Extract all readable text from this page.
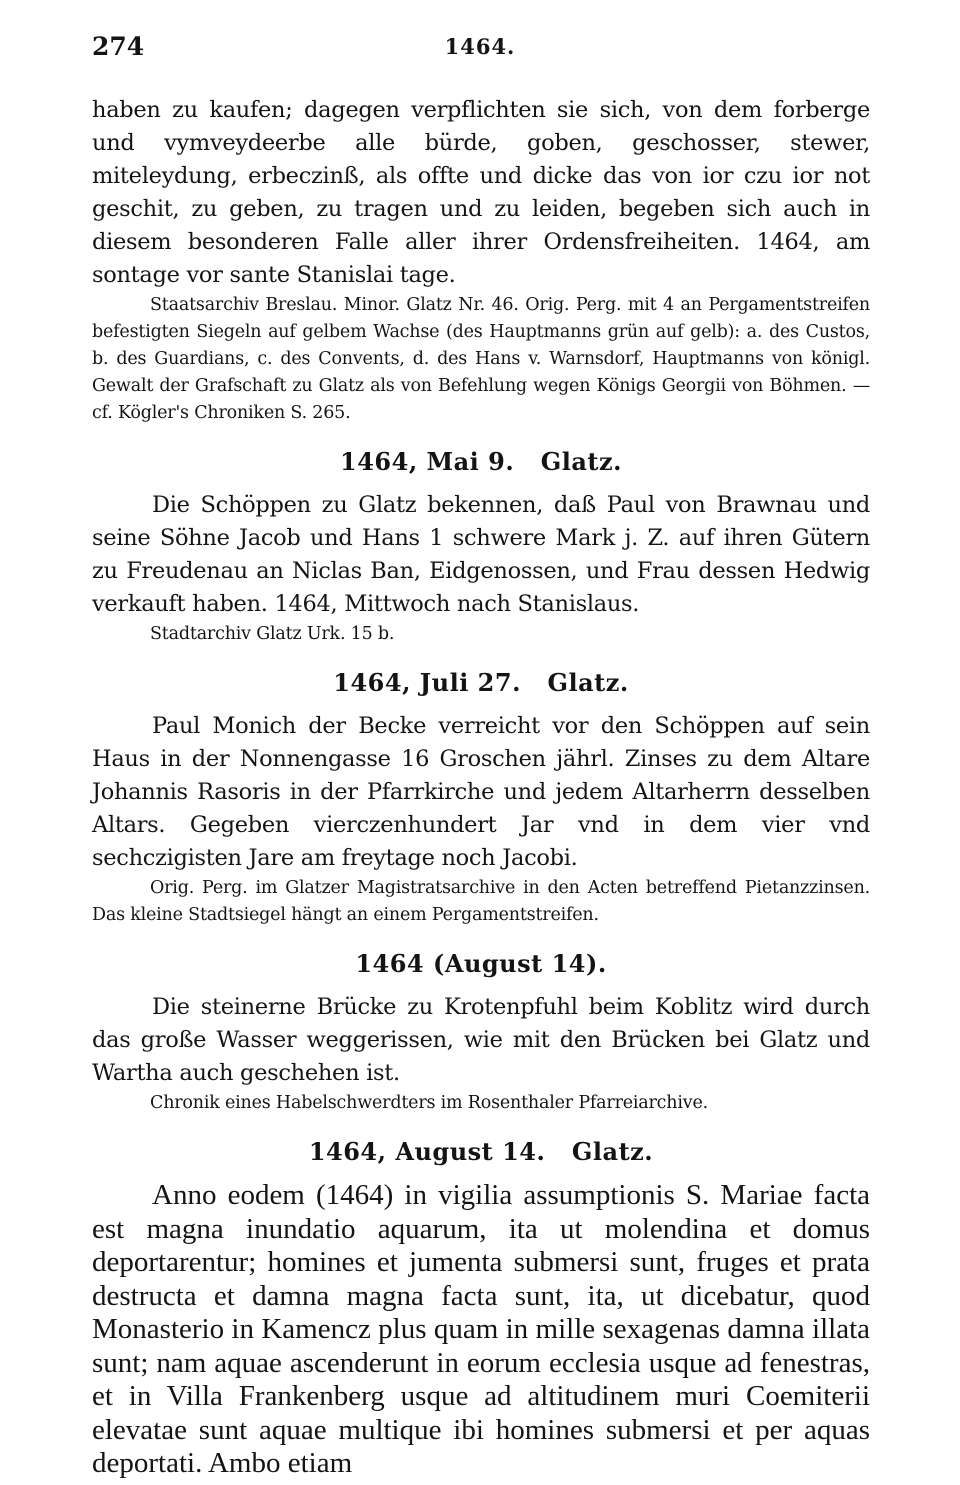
274	1464.

haben zu kaufen; dagegen verpflichten sie sich, von dem forberge und vymveydeerbe alle bürde, goben, geschosser, stewer, miteleydung, erbeczinß, als offte und dicke das von ior czu ior not geschit, zu geben, zu tragen und zu leiden, begeben sich auch in diesem besonderen Falle aller ihrer Ordensfreiheiten. 1464, am sontage vor sante Stanislai tage.

Staatsarchiv Breslau. Minor. Glatz Nr. 46. Orig. Perg. mit 4 an Pergamentstreifen befestigten Siegeln auf gelbem Wachse (des Hauptmanns grün auf gelb): a. des Custos, b. des Guardians, c. des Convents, d. des Hans v. Warnsdorf, Hauptmanns von königl. Gewalt der Grafschaft zu Glatz als von Befehlung wegen Königs Georgii von Böhmen. — cf. Kögler's Chroniken S. 265.

1464, Mai 9.   Glatz.

Die Schöppen zu Glatz bekennen, daß Paul von Brawnau und seine Söhne Jacob und Hans 1 schwere Mark j. Z. auf ihren Gütern zu Freudenau an Niclas Ban, Eidgenossen, und Frau dessen Hedwig verkauft haben. 1464, Mittwoch nach Stanislaus.

Stadtarchiv Glatz Urk. 15 b.

1464, Juli 27.   Glatz.

Paul Monich der Becke verreicht vor den Schöppen auf sein Haus in der Nonnengasse 16 Groschen jährl. Zinses zu dem Altare Johannis Rasoris in der Pfarrkirche und jedem Altarherrn desselben Altars. Gegeben vierczenhundert Jar vnd in dem vier vnd sechczigisten Jare am freytage noch Jacobi.

Orig. Perg. im Glatzer Magistratsarchive in den Acten betreffend Pietanzzinsen. Das kleine Stadtsiegel hängt an einem Pergamentstreifen.

1464 (August 14).

Die steinerne Brücke zu Krotenpfuhl beim Koblitz wird durch das große Wasser weggerissen, wie mit den Brücken bei Glatz und Wartha auch geschehen ist.

Chronik eines Habelschwerdters im Rosenthaler Pfarreiarchive.

1464, August 14.   Glatz.

Anno eodem (1464) in vigilia assumptionis S. Mariae facta est magna inundatio aquarum, ita ut molendina et domus deportarentur; homines et jumenta submersi sunt, fruges et prata destructa et damna magna facta sunt, ita, ut dicebatur, quod Monasterio in Kamencz plus quam in mille sexagenas damna illata sunt; nam aquae ascenderunt in eorum ecclesia usque ad fenestras, et in Villa Frankenberg usque ad altitudinem muri Coemiterii elevatae sunt aquae multique ibi homines submersi et per aquas deportati. Ambo etiam
